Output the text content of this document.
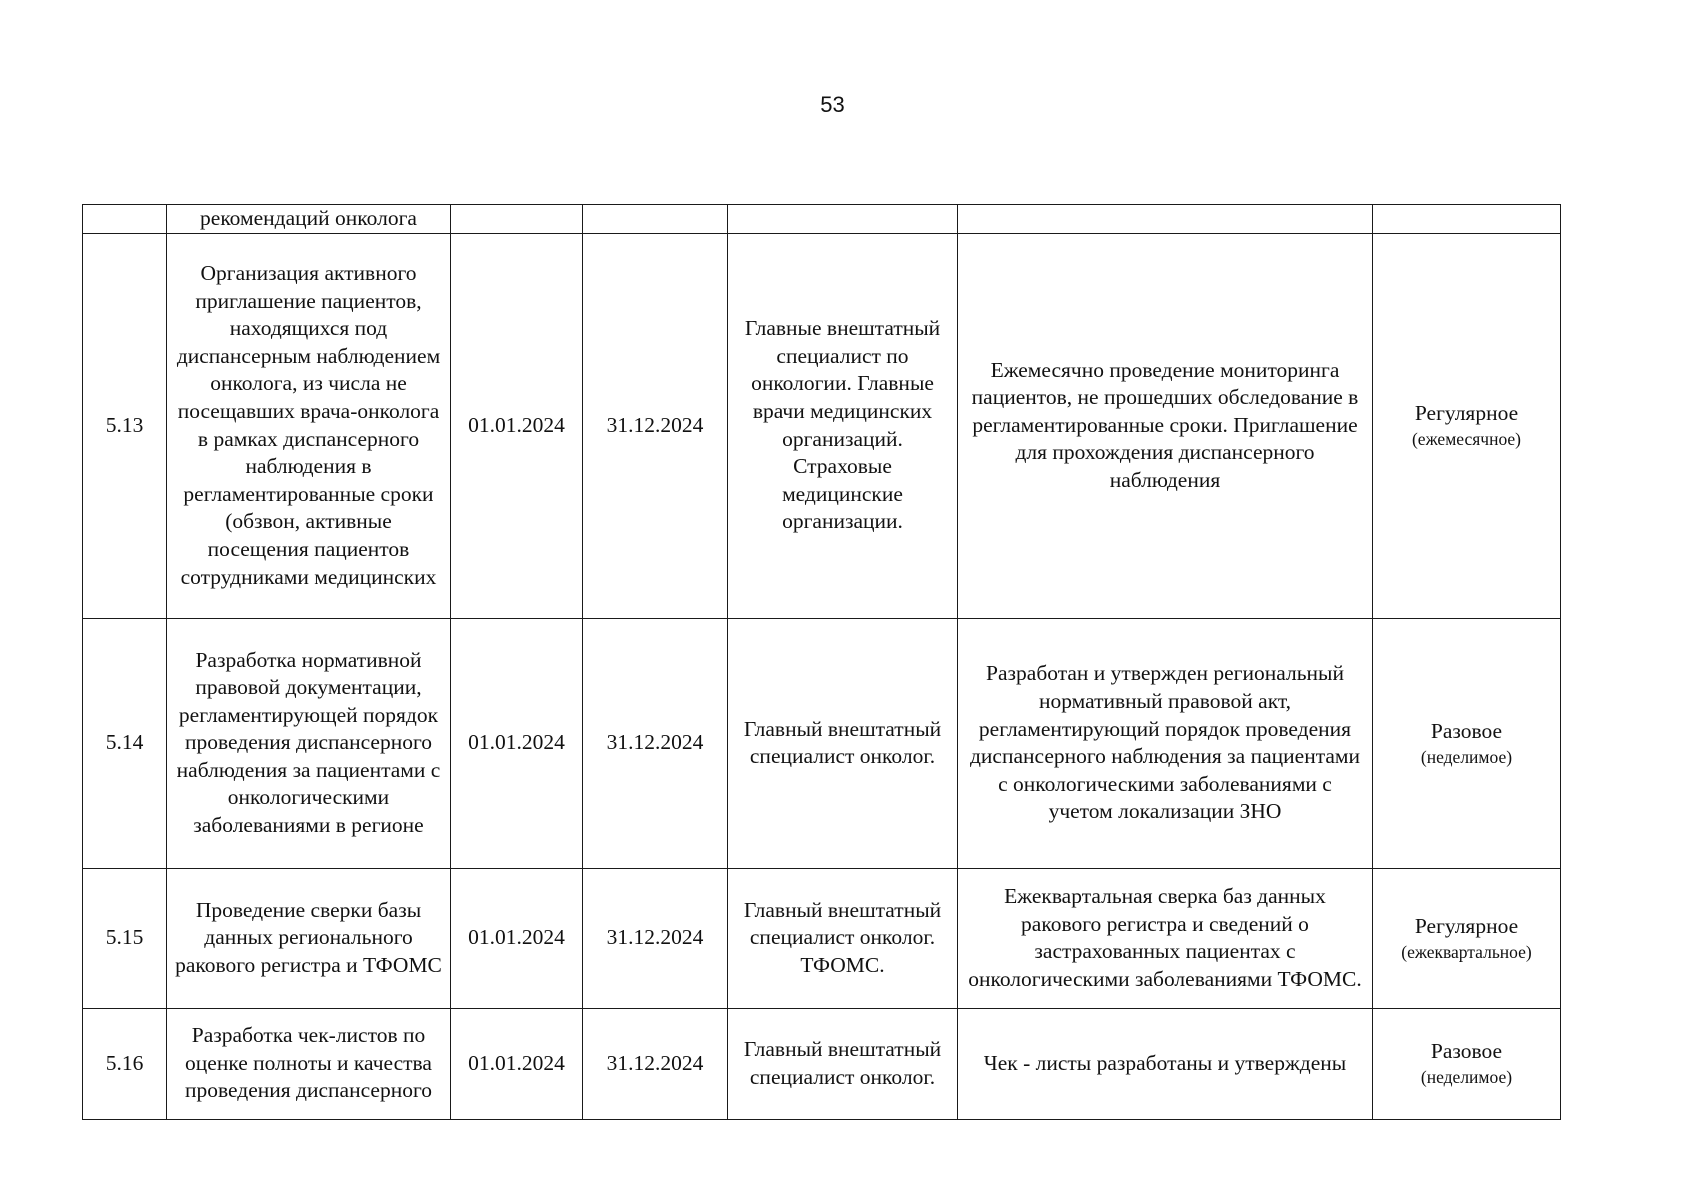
53
	рекомендаций онколога					
5.13	Организация активного приглашение пациентов, находящихся под диспансерным наблюдением онколога, из числа не посещавших врача-онколога в рамках диспансерного наблюдения в регламентированные сроки (обзвон, активные посещения пациентов сотрудниками медицинских	01.01.2024	31.12.2024	Главные внештатный специалист по онкологии. Главные врачи медицинских организаций. Страховые медицинские организации.	Ежемесячно проведение мониторинга пациентов, не прошедших обследование в регламентированные сроки. Приглашение для прохождения диспансерного наблюдения	Регулярное
(ежемесячное)

5.14	Разработка нормативной правовой документации, регламентирующей порядок проведения диспансерного наблюдения за пациентами с онкологическими заболеваниями в регионе	01.01.2024	31.12.2024	Главный внештатный специалист онколог.	Разработан и утвержден региональный нормативный правовой акт, регламентирующий порядок проведения диспансерного наблюдения за пациентами с онкологическими заболеваниями с учетом локализации ЗНО	Разовое
(неделимое)

5.15	Проведение сверки базы данных регионального ракового регистра и ТФОМС	01.01.2024	31.12.2024	Главный внештатный специалист онколог. ТФОМС.	Ежеквартальная сверка баз данных ракового регистра и сведений о застрахованных пациентах с онкологическими заболеваниями ТФОМС.	Регулярное
(ежеквартальное)

5.16	Разработка чек-листов по оценке полноты и качества проведения диспансерного	01.01.2024	31.12.2024	Главный внештатный специалист онколог.	Чек - листы разработаны и утверждены	Разовое
(неделимое)
